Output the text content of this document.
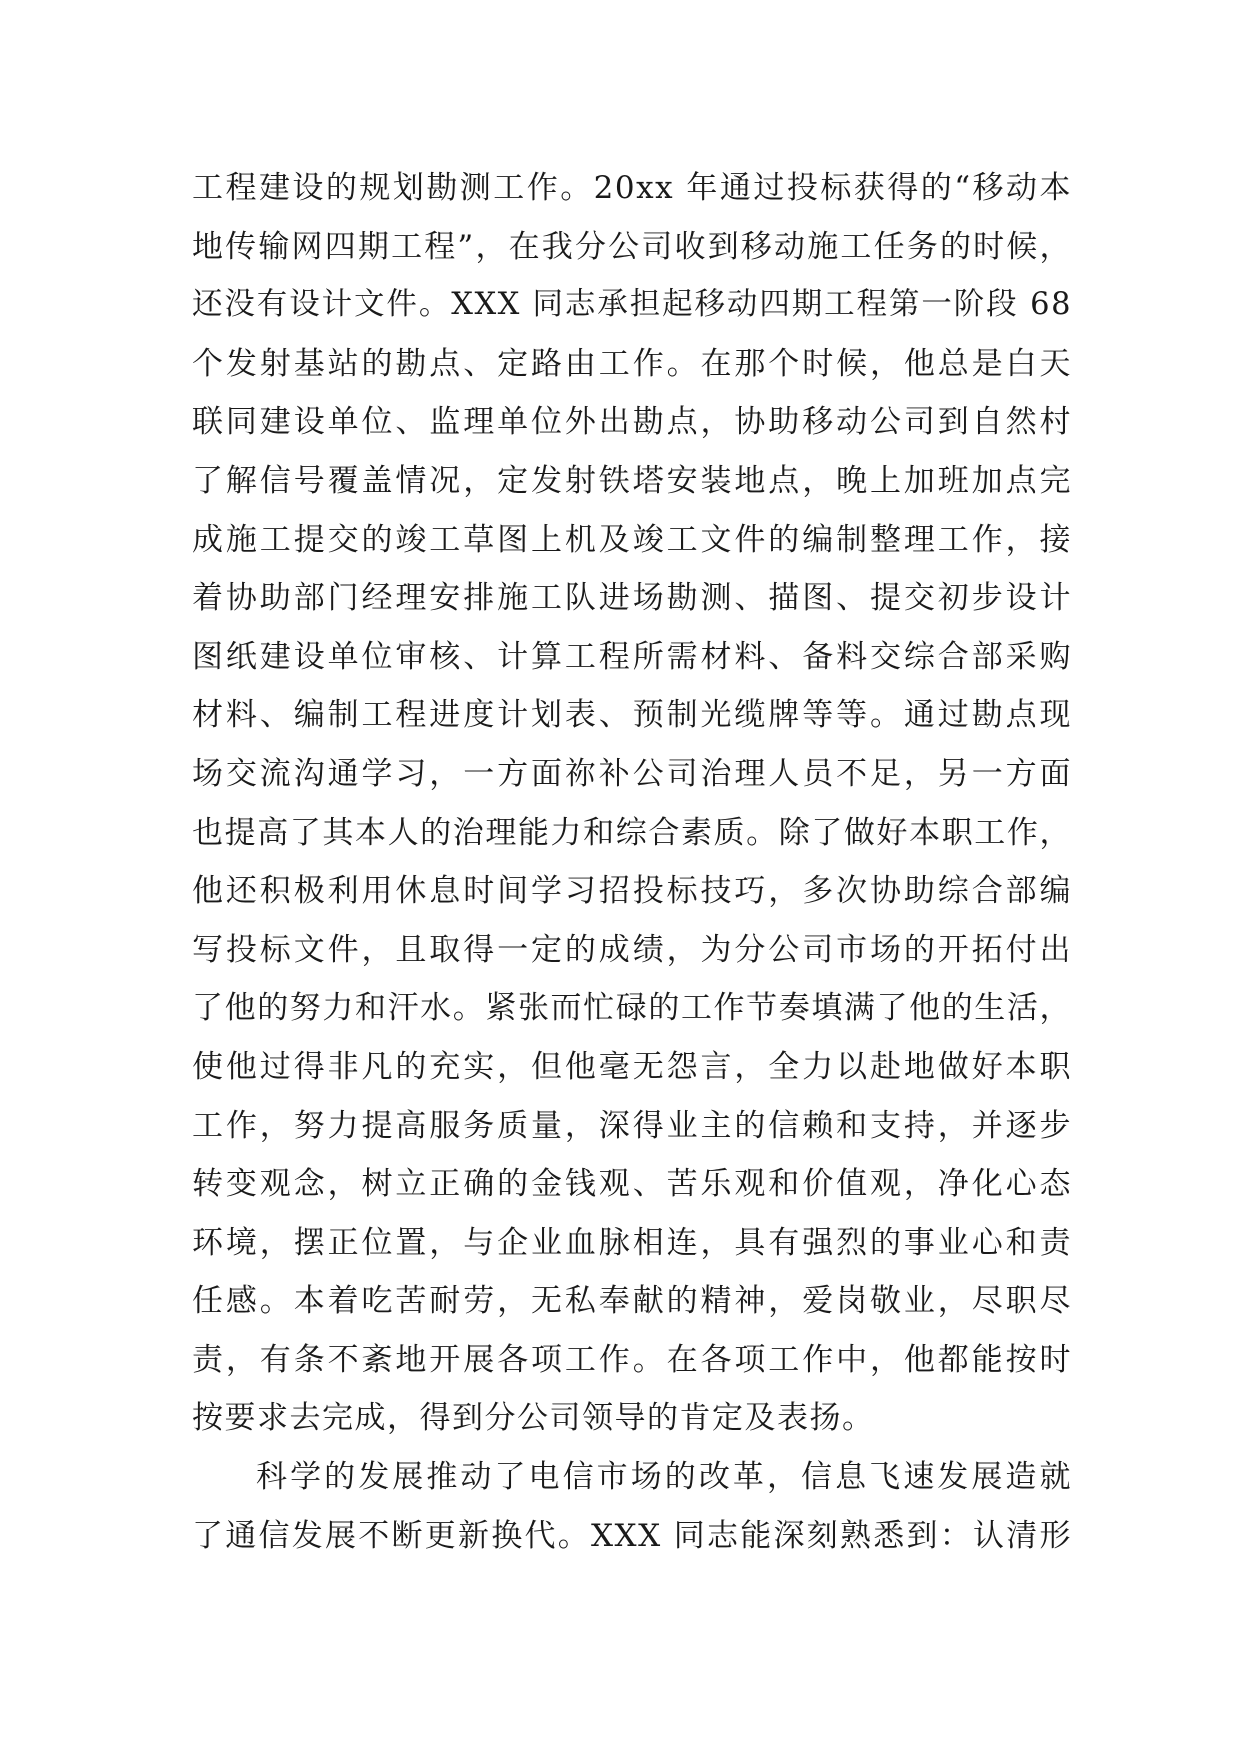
工程建设的规划勘测工作。20xx 年通过投标获得的“移动本
地传输网四期工程”，在我分公司收到移动施工任务的时候，
还没有设计文件。XXX 同志承担起移动四期工程第一阶段 68
个发射基站的勘点、定路由工作。在那个时候，他总是白天
联同建设单位、监理单位外出勘点，协助移动公司到自然村
了解信号覆盖情况，定发射铁塔安装地点，晚上加班加点完
成施工提交的竣工草图上机及竣工文件的编制整理工作，接
着协助部门经理安排施工队进场勘测、描图、提交初步设计
图纸建设单位审核、计算工程所需材料、备料交综合部采购
材料、编制工程进度计划表、预制光缆牌等等。通过勘点现
场交流沟通学习，一方面祢补公司治理人员不足，另一方面
也提高了其本人的治理能力和综合素质。除了做好本职工作，
他还积极利用休息时间学习招投标技巧，多次协助综合部编
写投标文件，且取得一定的成绩，为分公司市场的开拓付出
了他的努力和汗水。紧张而忙碌的工作节奏填满了他的生活，
使他过得非凡的充实，但他毫无怨言，全力以赴地做好本职
工作，努力提高服务质量，深得业主的信赖和支持，并逐步
转变观念，树立正确的金钱观、苦乐观和价值观，净化心态
环境，摆正位置，与企业血脉相连，具有强烈的事业心和责
任感。本着吃苦耐劳，无私奉献的精神，爱岗敬业，尽职尽
责，有条不紊地开展各项工作。在各项工作中，他都能按时
按要求去完成，得到分公司领导的肯定及表扬。
科学的发展推动了电信市场的改革，信息飞速发展造就
了通信发展不断更新换代。XXX 同志能深刻熟悉到：认清形
